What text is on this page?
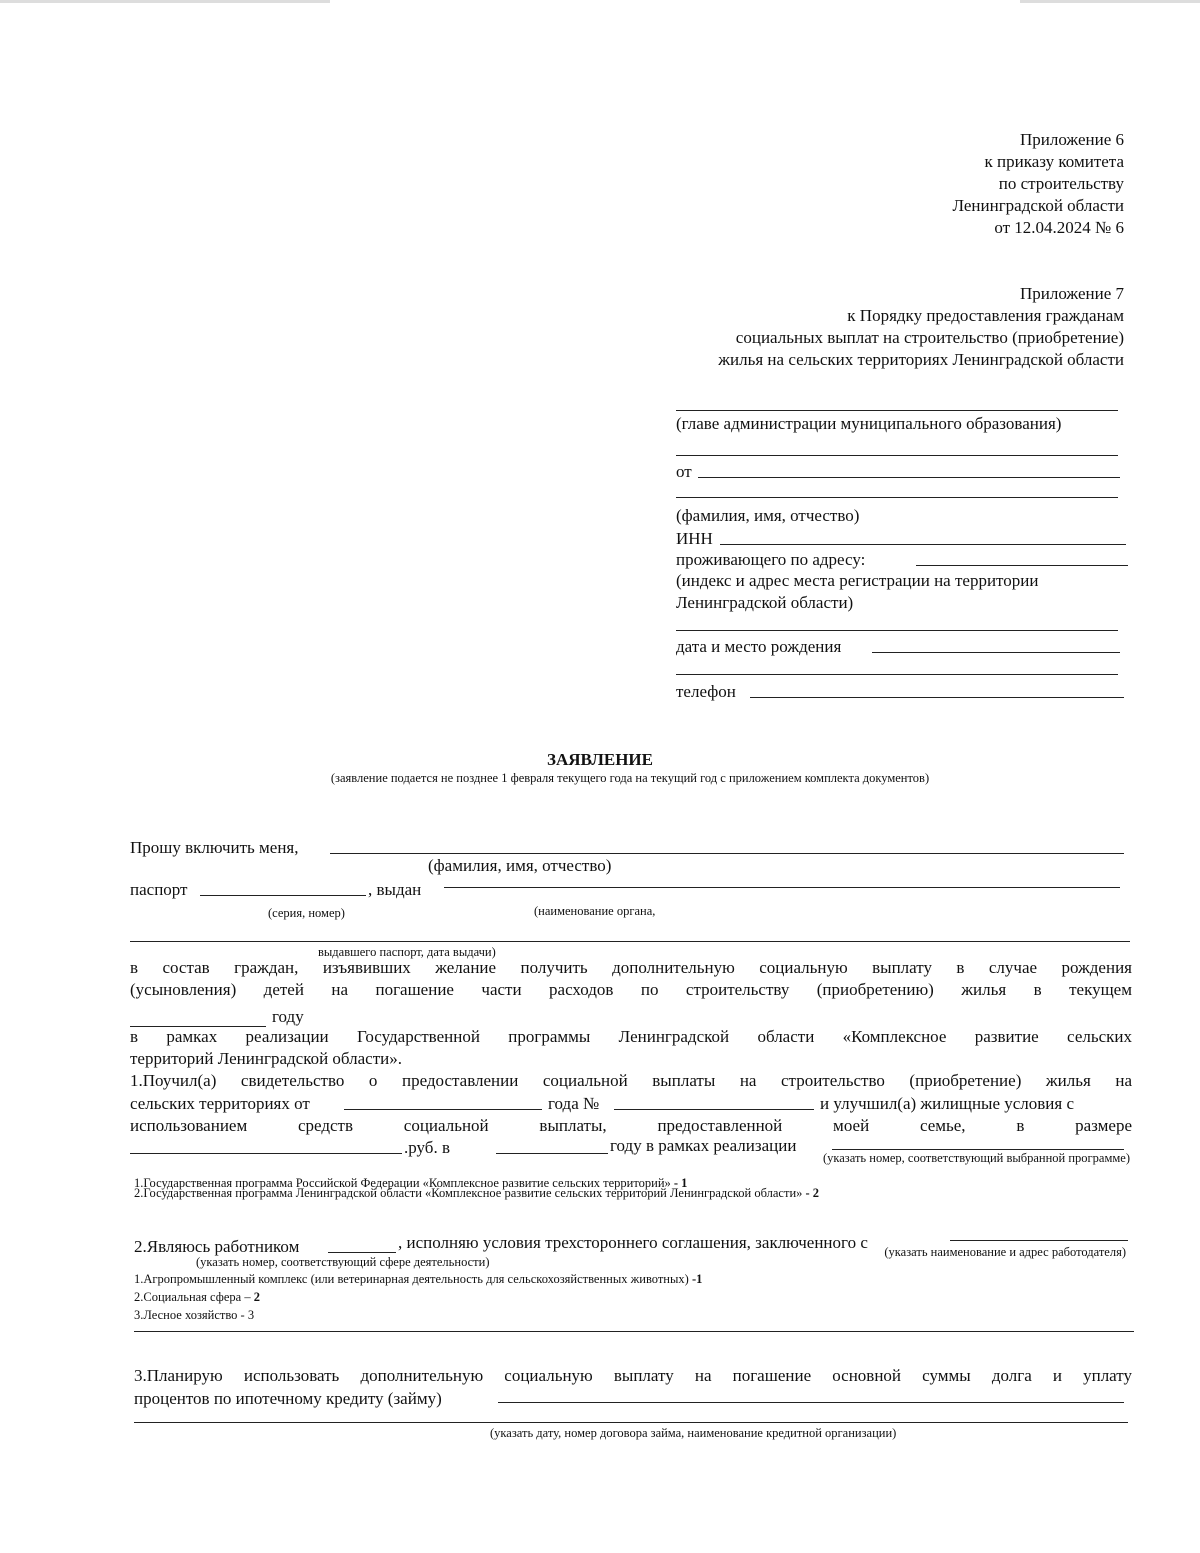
Приложение 6
к приказу комитета
по строительству
Ленинградской области
от 12.04.2024 № 6
Приложение 7
к Порядку предоставления гражданам
социальных выплат на строительство (приобретение)
жилья на сельских территориях Ленинградской области
(главе администрации муниципального образования)
от
(фамилия, имя, отчество)
ИНН
проживающего по адресу:
(индекс и адрес места регистрации на территории
Ленинградской области)
дата и место рождения
телефон
ЗАЯВЛЕНИЕ
(заявление подается не позднее 1 февраля текущего года на текущий год с приложением комплекта документов)
Прошу включить меня,
(фамилия, имя, отчество)
паспорт	, выдан
(серия, номер)	(наименование органа,
выдавшего паспорт, дата выдачи)
в состав граждан, изъявивших желание получить дополнительную социальную выплату в случае рождения
(усыновления) детей на погашение части расходов по строительству (приобретению) жилья в текущем
году
в рамках реализации Государственной программы Ленинградской области «Комплексное развитие сельских
территорий Ленинградской области».
1.Поучил(а) свидетельство о предоставлении социальной выплаты на строительство (приобретение) жилья на
сельских территориях от	года №	и улучшил(а) жилищные условия с
использованием средств социальной выплаты, предоставленной моей семье, в размере
.руб. в	году в рамках реализации
(указать номер, соответствующий выбранной программе)
1.Государственная программа Российской Федерации «Комплексное развитие сельских территорий» - 1
2.Государственная программа Ленинградской области «Комплексное развитие сельских территорий Ленинградской области» - 2
2.Являюсь работником	, исполняю условия трехстороннего соглашения, заключенного с
(указать номер, соответствующий сфере деятельности)
(указать наименование и адрес работодателя)
1.Агропромышленный комплекс (или ветеринарная деятельность для сельскохозяйственных животных) -1
2.Социальная сфера – 2
3.Лесное хозяйство - 3
3.Планирую использовать дополнительную социальную выплату на погашение основной суммы долга и уплату
процентов по ипотечному кредиту (займу)
(указать дату, номер договора займа, наименование кредитной организации)
